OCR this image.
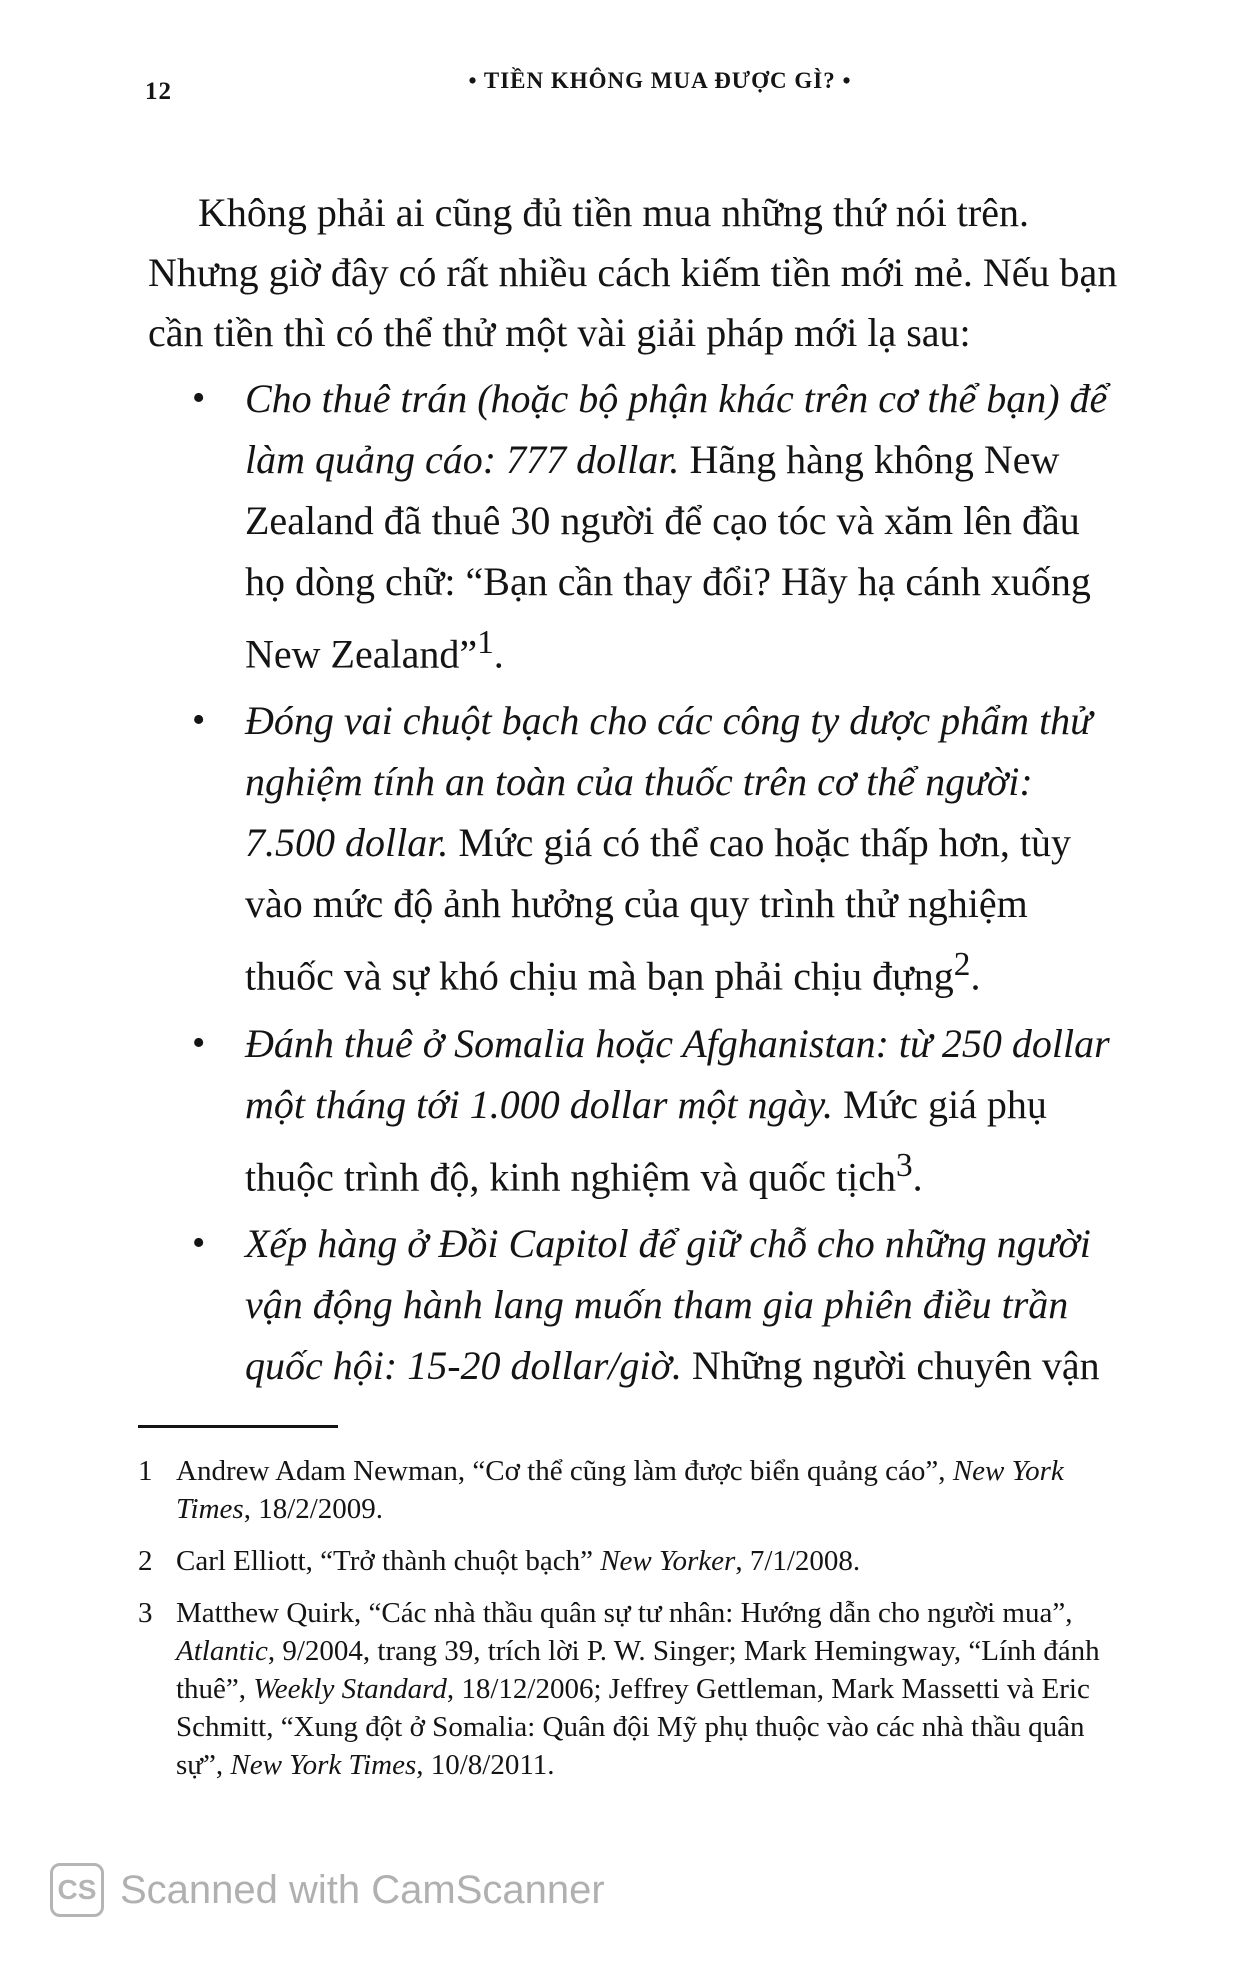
12	• TIỀN KHÔNG MUA ĐƯỢC GÌ? •

Không phải ai cũng đủ tiền mua những thứ nói trên. Nhưng giờ đây có rất nhiều cách kiếm tiền mới mẻ. Nếu bạn cần tiền thì có thể thử một vài giải pháp mới lạ sau:

• Cho thuê trán (hoặc bộ phận khác trên cơ thể bạn) để làm quảng cáo: 777 dollar. Hãng hàng không New Zealand đã thuê 30 người để cạo tóc và xăm lên đầu họ dòng chữ: “Bạn cần thay đổi? Hãy hạ cánh xuống New Zealand”$^1$.
• Đóng vai chuột bạch cho các công ty dược phẩm thử nghiệm tính an toàn của thuốc trên cơ thể người: 7.500 dollar. Mức giá có thể cao hoặc thấp hơn, tùy vào mức độ ảnh hưởng của quy trình thử nghiệm thuốc và sự khó chịu mà bạn phải chịu đựng$^2$.
• Đánh thuê ở Somalia hoặc Afghanistan: từ 250 dollar một tháng tới 1.000 dollar một ngày. Mức giá phụ thuộc trình độ, kinh nghiệm và quốc tịch$^3$.
• Xếp hàng ở Đồi Capitol để giữ chỗ cho những người vận động hành lang muốn tham gia phiên điều trần quốc hội: 15-20 dollar/giờ. Những người chuyên vận
1 Andrew Adam Newman, “Cơ thể cũng làm được biển quảng cáo”, New York Times, 18/2/2009.
2 Carl Elliott, “Trở thành chuột bạch” New Yorker, 7/1/2008.
3 Matthew Quirk, “Các nhà thầu quân sự tư nhân: Hướng dẫn cho người mua”, Atlantic, 9/2004, trang 39, trích lời P. W. Singer; Mark Hemingway, “Lính đánh thuê”, Weekly Standard, 18/12/2006; Jeffrey Gettleman, Mark Massetti và Eric Schmitt, “Xung đột ở Somalia: Quân đội Mỹ phụ thuộc vào các nhà thầu quân sự”, New York Times, 10/8/2011.
CS Scanned with CamScanner
